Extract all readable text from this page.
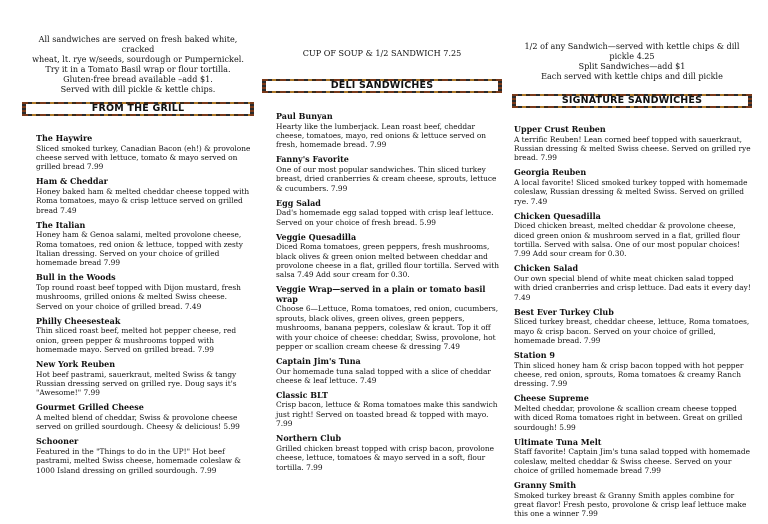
All sandwiches are served on fresh baked white, cracked
wheat, lt. rye w/seeds, sourdough or Pumpernickel.
Try it in a Tomato Basil wrap or flour tortilla.
Gluten-free bread available –add $1.
Served with dill pickle & kettle chips.
FROM THE GRILL
The Haywire
Sliced smoked turkey, Canadian Bacon (eh!) & provolone cheese served with lettuce, tomato & mayo served on grilled bread 7.99
Ham & Cheddar
Honey baked ham & melted cheddar cheese topped with Roma tomatoes, mayo & crisp lettuce served on grilled bread 7.49
The Italian
Honey ham & Genoa salami, melted provolone cheese, Roma tomatoes, red onion & lettuce, topped with zesty Italian dressing. Served on your choice of grilled homemade bread 7.99
Bull in the Woods
Top round roast beef topped with Dijon mustard, fresh mushrooms, grilled onions & melted Swiss cheese. Served on your choice of grilled bread. 7.49
Philly Cheesesteak
Thin sliced roast beef, melted hot pepper cheese, red onion, green pepper & mushrooms topped with homemade mayo. Served on grilled bread. 7.99
New York Reuben
Hot beef pastrami, sauerkraut, melted Swiss & tangy Russian dressing served on grilled rye. Doug says it's "Awesome!" 7.99
Gourmet Grilled Cheese
A melted blend of cheddar, Swiss & provolone cheese served on grilled sourdough. Cheesy & delicious! 5.99
Schooner
Featured in the "Things to do in the UP!" Hot beef pastrami, melted Swiss cheese, homemade coleslaw & 1000 Island dressing on grilled sourdough. 7.99
CUP OF SOUP & 1/2 SANDWICH 7.25
DELI SANDWICHES
Paul Bunyan
Hearty like the lumberjack. Lean roast beef, cheddar cheese, tomatoes, mayo, red onions & lettuce served on fresh, homemade bread. 7.99
Fanny's Favorite
One of our most popular sandwiches. Thin sliced turkey breast, dried cranberries & cream cheese, sprouts, lettuce & cucumbers. 7.99
Egg Salad
Dad's homemade egg salad topped with crisp leaf lettuce. Served on your choice of fresh bread. 5.99
Veggie Quesadilla
Diced Roma tomatoes, green peppers, fresh mushrooms, black olives & green onion melted between cheddar and provolone cheese in a flat, grilled flour tortilla. Served with salsa 7.49 Add sour cream for 0.30.
Veggie Wrap—served in a plain or tomato basil wrap
Choose 6—Lettuce, Roma tomatoes, red onion, cucumbers, sprouts, black olives, green olives, green peppers, mushrooms, banana peppers, coleslaw & kraut. Top it off with your choice of cheese: cheddar, Swiss, provolone, hot pepper or scallion cream cheese & dressing 7.49
Captain Jim's Tuna
Our homemade tuna salad topped with a slice of cheddar cheese & leaf lettuce. 7.49
Classic BLT
Crisp bacon, lettuce & Roma tomatoes make this sandwich just right! Served on toasted bread & topped with mayo. 7.99
Northern Club
Grilled chicken breast topped with crisp bacon, provolone cheese, lettuce, tomatoes & mayo served in a soft, flour tortilla. 7.99
1/2 of any Sandwich—served with kettle chips & dill pickle 4.25
Split Sandwiches—add $1
Each served with kettle chips and dill pickle
SIGNATURE SANDWICHES
Upper Crust Reuben
A terrific Reuben! Lean corned beef topped with sauerkraut, Russian dressing & melted Swiss cheese. Served on grilled rye bread. 7.99
Georgia Reuben
A local favorite! Sliced smoked turkey topped with homemade coleslaw, Russian dressing & melted Swiss. Served on grilled rye. 7.49
Chicken Quesadilla
Diced chicken breast, melted cheddar & provolone cheese, diced green onion & mushroom served in a flat, grilled flour tortilla. Served with salsa. One of our most popular choices! 7.99 Add sour cream for 0.30.
Chicken Salad
Our own special blend of white meat chicken salad topped with dried cranberries and crisp lettuce. Dad eats it every day! 7.49
Best Ever Turkey Club
Sliced turkey breast, cheddar cheese, lettuce, Roma tomatoes, mayo & crisp bacon. Served on your choice of grilled, homemade bread. 7.99
Station 9
Thin sliced honey ham & crisp bacon topped with hot pepper cheese, red onion, sprouts, Roma tomatoes & creamy Ranch dressing. 7.99
Cheese Supreme
Melted cheddar, provolone & scallion cream cheese topped with diced Roma tomatoes right in between. Great on grilled sourdough! 5.99
Ultimate Tuna Melt
Staff favorite! Captain Jim's tuna salad topped with homemade coleslaw, melted cheddar & Swiss cheese. Served on your choice of grilled homemade bread 7.99
Granny Smith
Smoked turkey breast & Granny Smith apples combine for great flavor! Fresh pesto, provolone & crisp leaf lettuce make this one a winner 7.99
